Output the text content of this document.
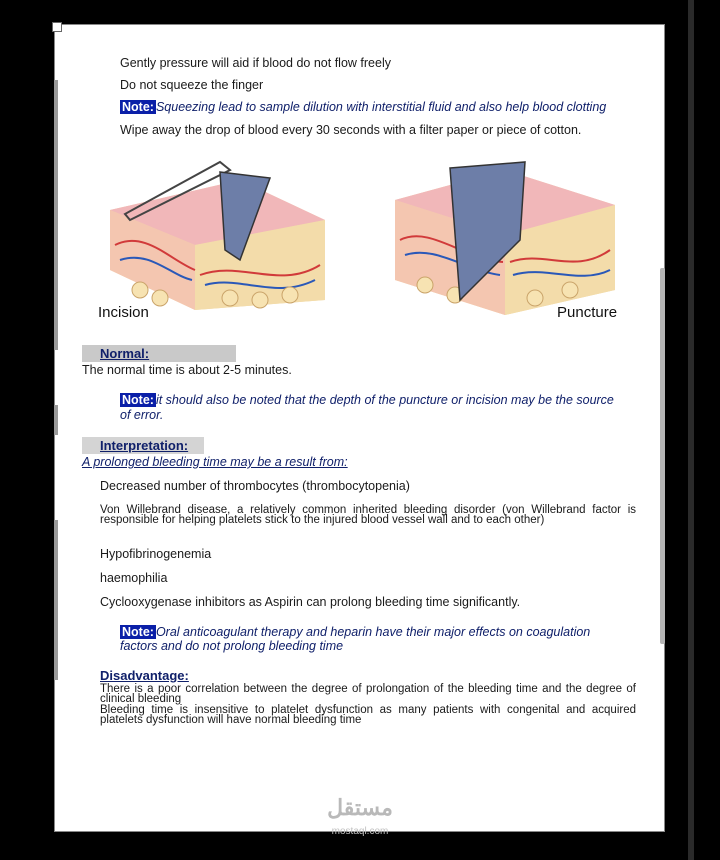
Gently pressure will aid if blood do not flow freely
Do not squeeze the finger
Note: Squeezing lead to sample dilution with interstitial fluid and also help blood clotting
Wipe away the drop of blood every 30 seconds with a filter paper or piece of cotton.
Incision	Puncture
Normal:
The normal time is about 2-5 minutes.
Note: it should also be noted that the depth of the puncture or incision may be the source
of error.
Interpretation:
A prolonged bleeding time may be a result from:
Decreased number of thrombocytes (thrombocytopenia)
Von Willebrand disease, a relatively common inherited bleeding disorder (von Willebrand factor is responsible for helping platelets stick to the injured blood vessel wall and to each other)
Hypofibrinogenemia
haemophilia
Cyclooxygenase inhibitors as Aspirin can prolong bleeding time significantly.
Note: Oral anticoagulant therapy and heparin have their major effects on coagulation
factors and do not prolong bleeding time
Disadvantage:
There is a poor correlation between the degree of prolongation of the bleeding time and the degree of clinical bleeding
Bleeding time is insensitive to platelet dysfunction as many patients with congenital and acquired platelets dysfunction will have normal bleeding time
مستقل
mostaql.com
